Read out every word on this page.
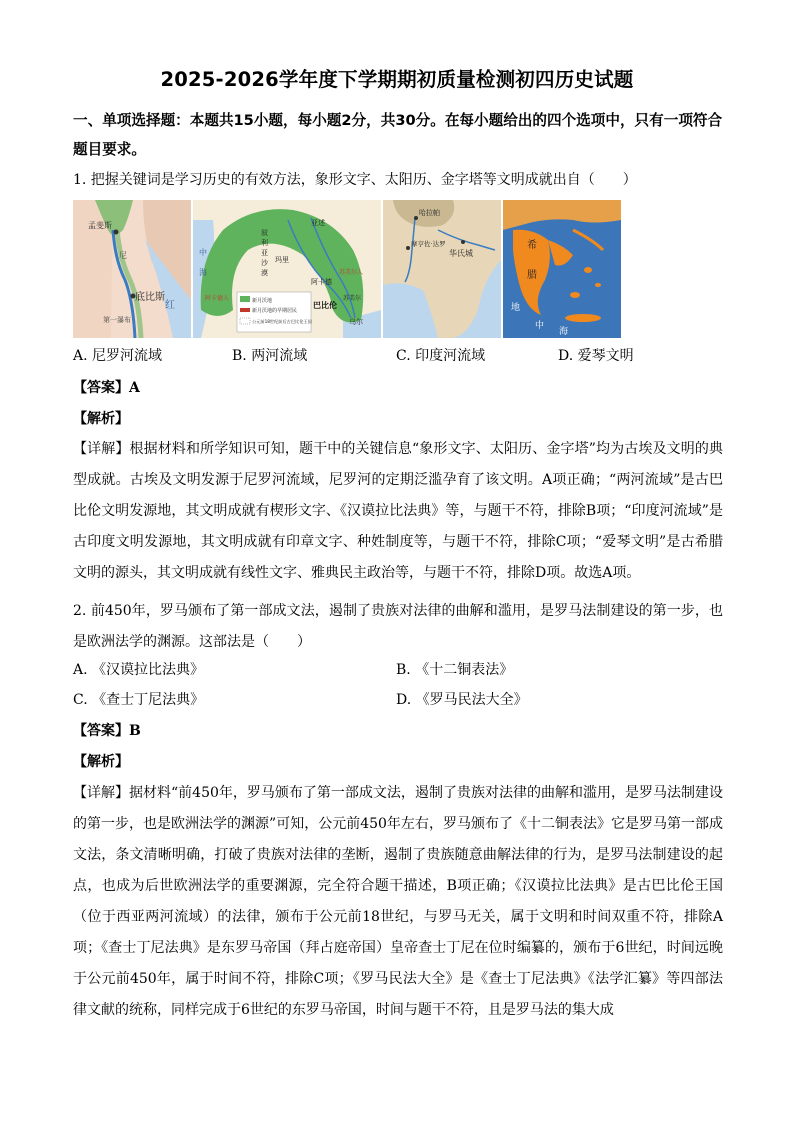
2025-2026学年度下学期期初质量检测初四历史试题
一、单项选择题：本题共15小题，每小题2分，共30分。在每小题给出的四个选项中，只有一项符合题目要求。
1. 把握关键词是学习历史的有效方法，象形文字、太阳历、金字塔等文明成就出自（　　）
孟斐斯
底比斯
尼
红
第一瀑布
叙
利
亚
沙
漠
中
海
亚述
玛里
巴比伦
阿卡德
苏美尔
乌尔
阿卡德人
苏美尔人
新月沃地
新月沃地的早期居民
公元前18世纪前后古巴比伦王国
哈拉帕
摩亨佐·达罗
华氏城
希
腊
地
中
海
A. 尼罗河流域	B. 两河流域	C. 印度河流域	D. 爱琴文明
【答案】A
【解析】
【详解】根据材料和所学知识可知，题干中的关键信息“象形文字、太阳历、金字塔”均为古埃及文明的典型成就。古埃及文明发源于尼罗河流域，尼罗河的定期泛滥孕育了该文明。A项正确；“两河流域”是古巴比伦文明发源地，其文明成就有楔形文字、《汉谟拉比法典》等，与题干不符，排除B项；“印度河流域”是古印度文明发源地，其文明成就有印章文字、种姓制度等，与题干不符，排除C项；“爱琴文明”是古希腊文明的源头，其文明成就有线性文字、雅典民主政治等，与题干不符，排除D项。故选A项。
2. 前450年，罗马颁布了第一部成文法，遏制了贵族对法律的曲解和滥用，是罗马法制建设的第一步，也是欧洲法学的渊源。这部法是（　　）
A. 《汉谟拉比法典》	B. 《十二铜表法》
C. 《查士丁尼法典》	D. 《罗马民法大全》
【答案】B
【解析】
【详解】据材料“前450年，罗马颁布了第一部成文法，遏制了贵族对法律的曲解和滥用，是罗马法制建设的第一步，也是欧洲法学的渊源”可知，公元前450年左右，罗马颁布了《十二铜表法》它是罗马第一部成文法，条文清晰明确，打破了贵族对法律的垄断，遏制了贵族随意曲解法律的行为，是罗马法制建设的起点，也成为后世欧洲法学的重要渊源，完全符合题干描述，B项正确；《汉谟拉比法典》是古巴比伦王国（位于西亚两河流域）的法律，颁布于公元前18世纪，与罗马无关，属于文明和时间双重不符，排除A项；《查士丁尼法典》是东罗马帝国（拜占庭帝国）皇帝查士丁尼在位时编纂的，颁布于6世纪，时间远晚于公元前450年，属于时间不符，排除C项；《罗马民法大全》是《查士丁尼法典》《法学汇纂》等四部法律文献的统称，同样完成于6世纪的东罗马帝国，时间与题干不符，且是罗马法的集大成
